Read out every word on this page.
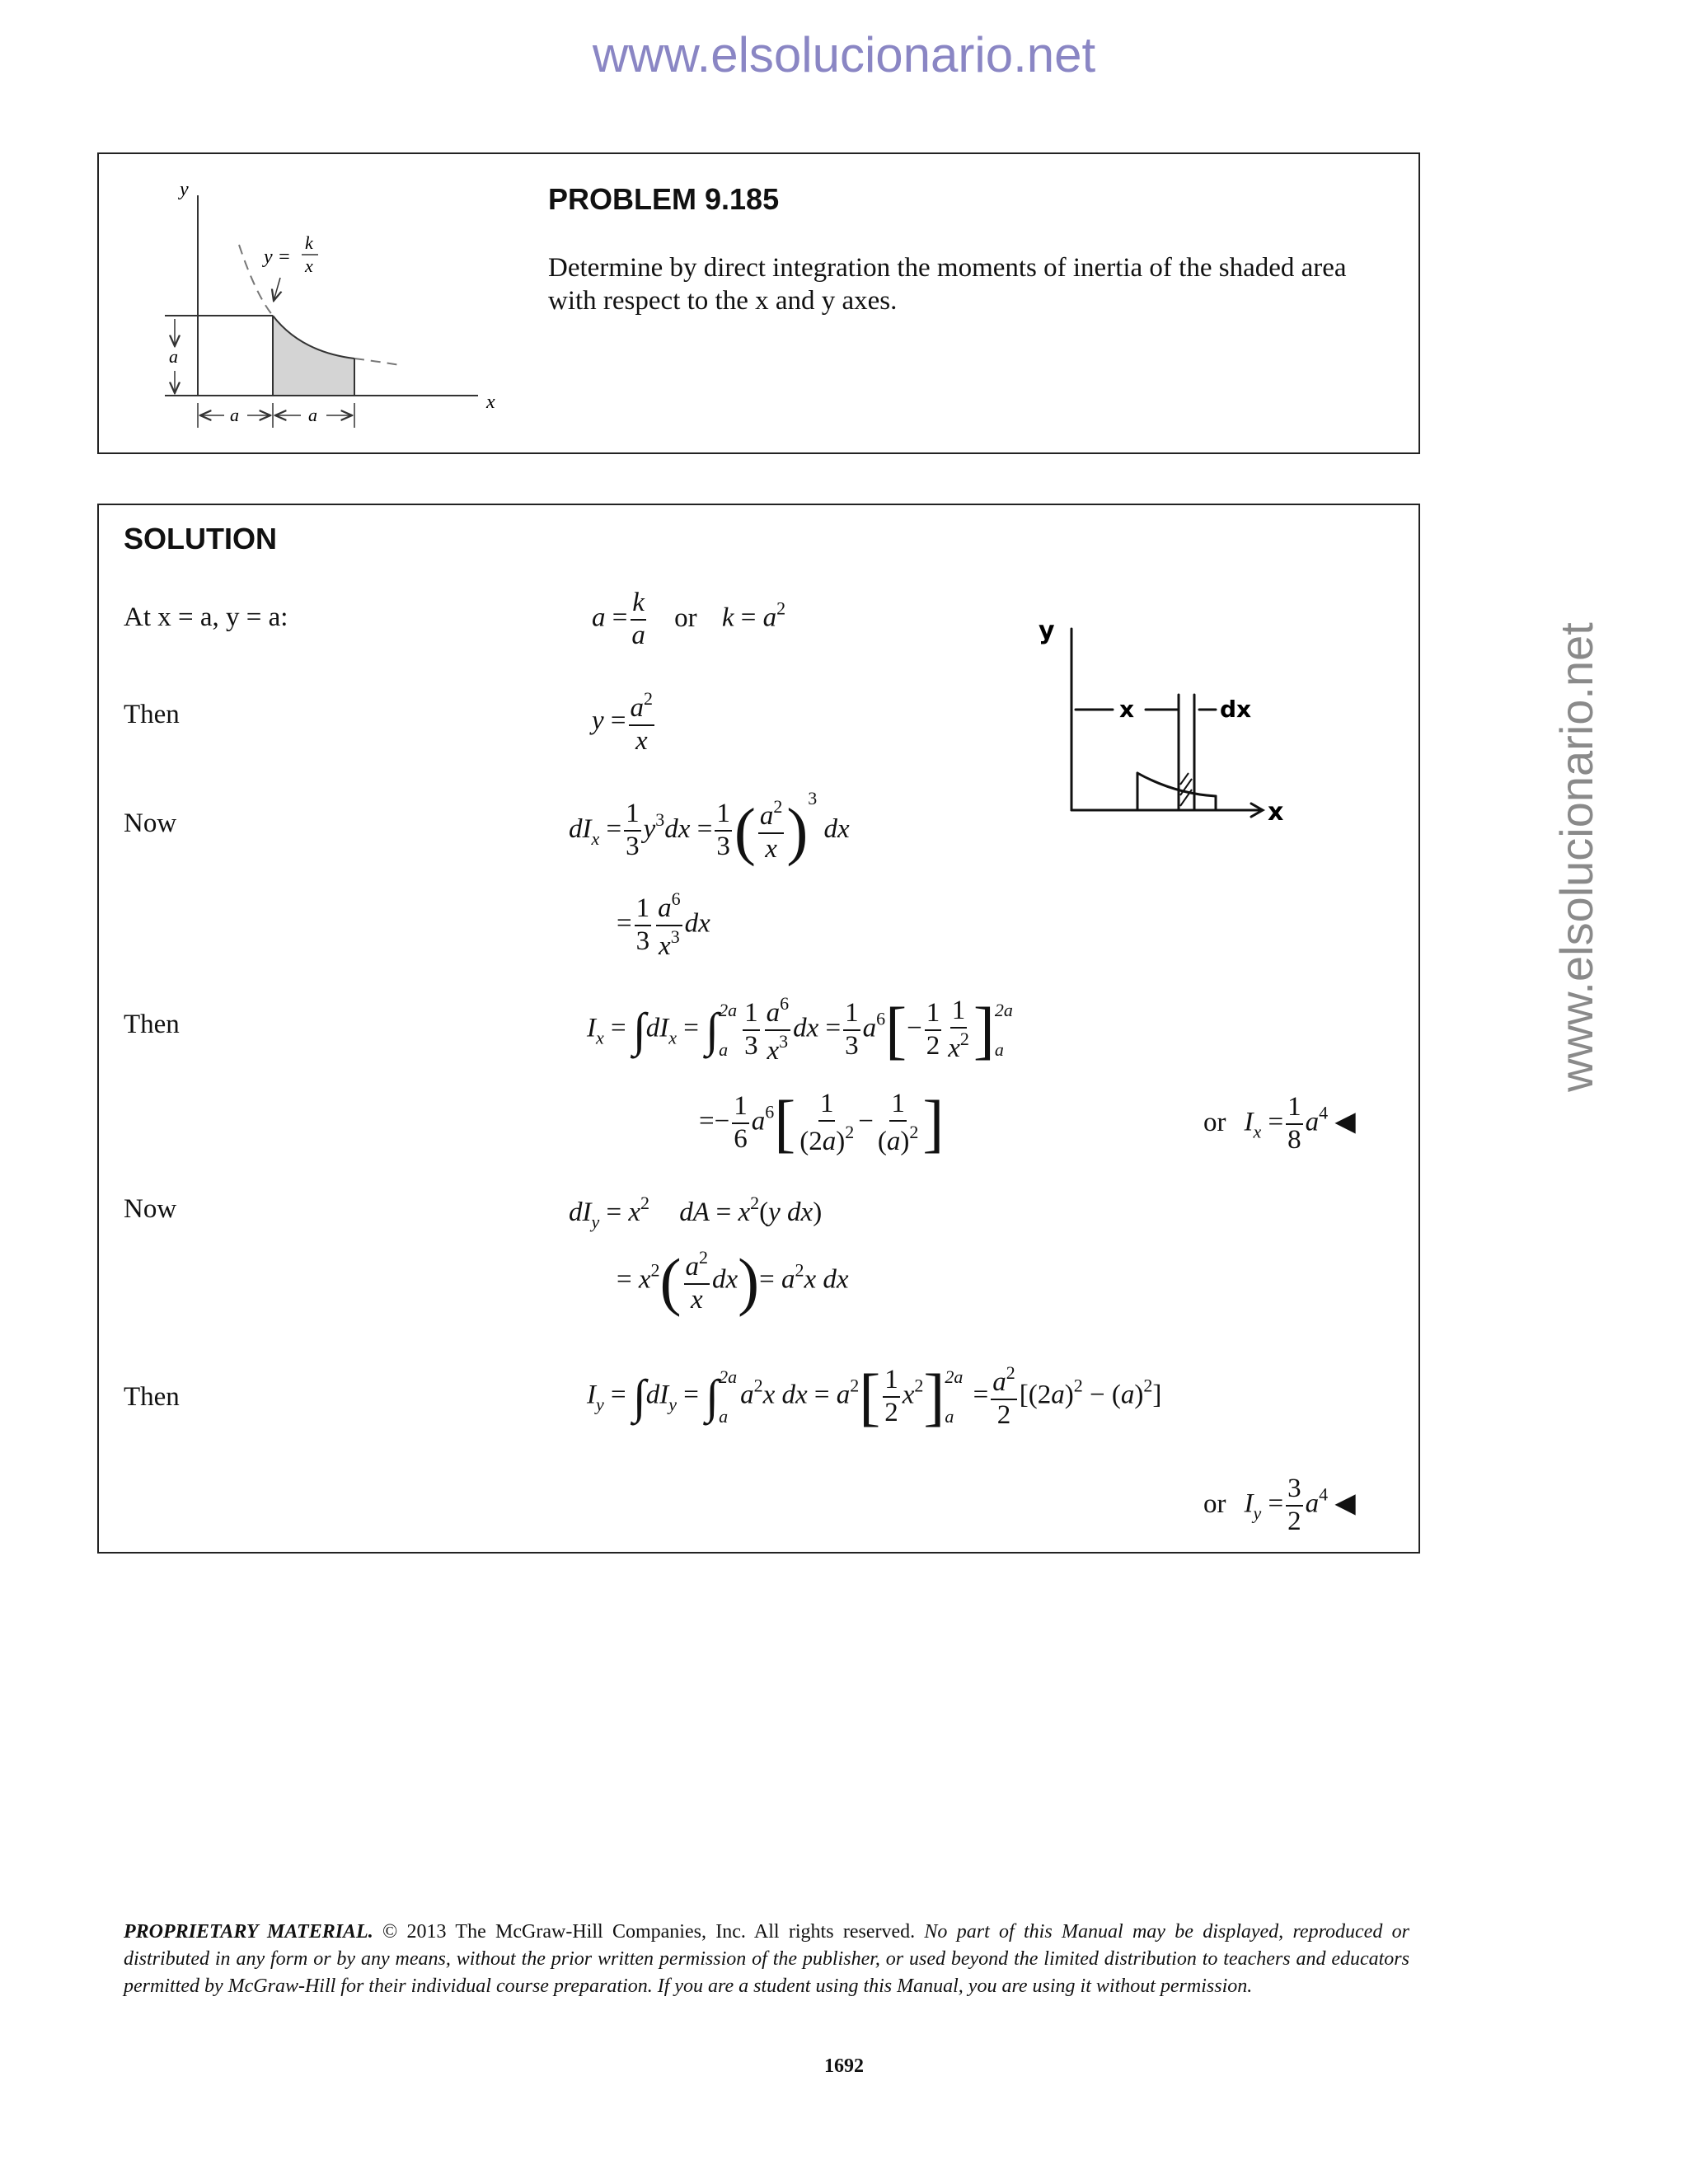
www.elsolucionario.net
www.elsolucionario.net
a
a	a
y
x
y =
k
x
PROBLEM 9.185
Determine by direct integration the moments of inertia of the shaded area with respect to the x and y axes.
SOLUTION
At x = a, y = a:
Then
Now
Then
Now
Then
$a = \frac{k}{a}$ or $k = a^2$
$y = \frac{a^2}{x}$
$dI_x = \frac{1}{3} y^3dx = \frac{1}{3}$ ( $\frac{a^2}{x} )^3$ dx
= $\frac{1}{3} \frac{a^6}{x^3}$ dx
$I_x = \int dI_x$ = ∫ 2a
a $\frac{1}{3} \frac{a^6}{x^3}$ dx = $\frac{1}{3} a^6[- \frac{1}{2} \frac{1}{x^2}$ ] 2a
a
=− $\frac{1}{6} a^6[ \frac{1}{(2a)^2} - \frac{1}{(a)^2}$ ]	or $I_x = \frac{1}{8} a^4$ ◀
$dI_y = x^2$ dA = $x^2(y$ dx)
= $x^2( \frac{a^2}{x} dx)= a^2x$ dx
$I_y = \int dI_y$ = ∫ 2a
a
$a^2x$ dx = $a^2[ \frac{1}{2} x^2]$ 2a
a
= $\frac{a^2}{2} [(2a)^2 - (a)^2]$
or $I_y = \frac{3}{2} a^4$ ◀
y
x
x	dx
PROPRIETARY MATERIAL. © 2013 The McGraw-Hill Companies, Inc. All rights reserved. No part of this Manual may be displayed, reproduced or distributed in any form or by any means, without the prior written permission of the publisher, or used beyond the limited distribution to teachers and educators permitted by McGraw-Hill for their individual course preparation. If you are a student using this Manual, you are using it without permission.
1692
